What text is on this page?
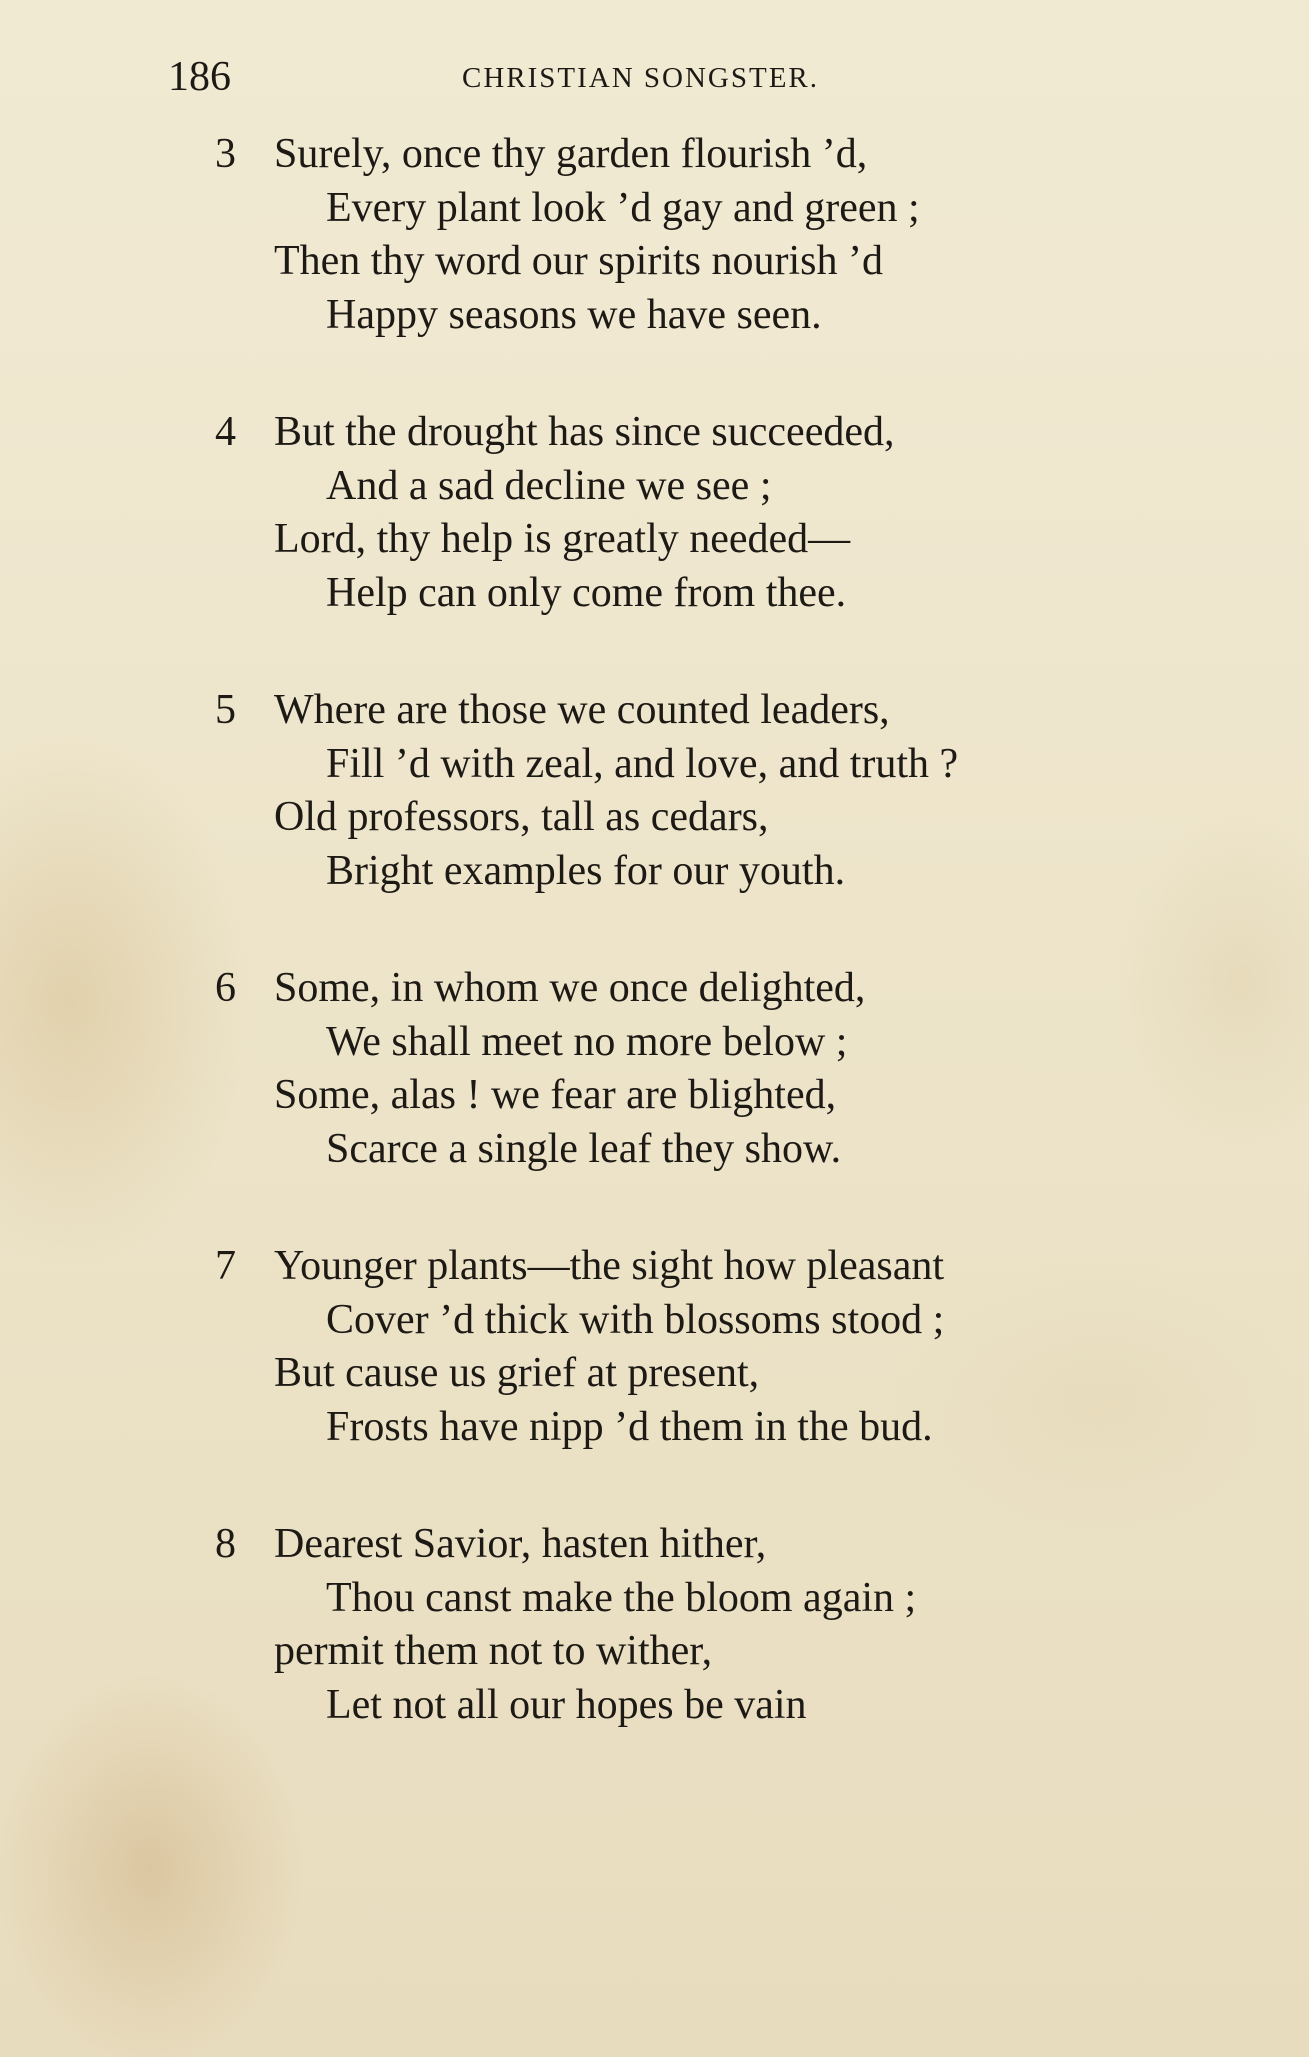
186	CHRISTIAN SONGSTER.
3 Surely, once thy garden flourish ’d,
Every plant look ’d gay and green ;
Then thy word our spirits nourish ’d
Happy seasons we have seen.
4 But the drought has since succeeded,
And a sad decline we see ;
Lord, thy help is greatly needed—
Help can only come from thee.
5 Where are those we counted leaders,
Fill ’d with zeal, and love, and truth ?
Old professors, tall as cedars,
Bright examples for our youth.
6 Some, in whom we once delighted,
We shall meet no more below ;
Some, alas ! we fear are blighted,
Scarce a single leaf they show.
7 Younger plants—the sight how pleasant
Cover ’d thick with blossoms stood ;
But cause us grief at present,
Frosts have nipp ’d them in the bud.
8 Dearest Savior, hasten hither,
Thou canst make the bloom again ;
permit them not to wither,
Let not all our hopes be vain
